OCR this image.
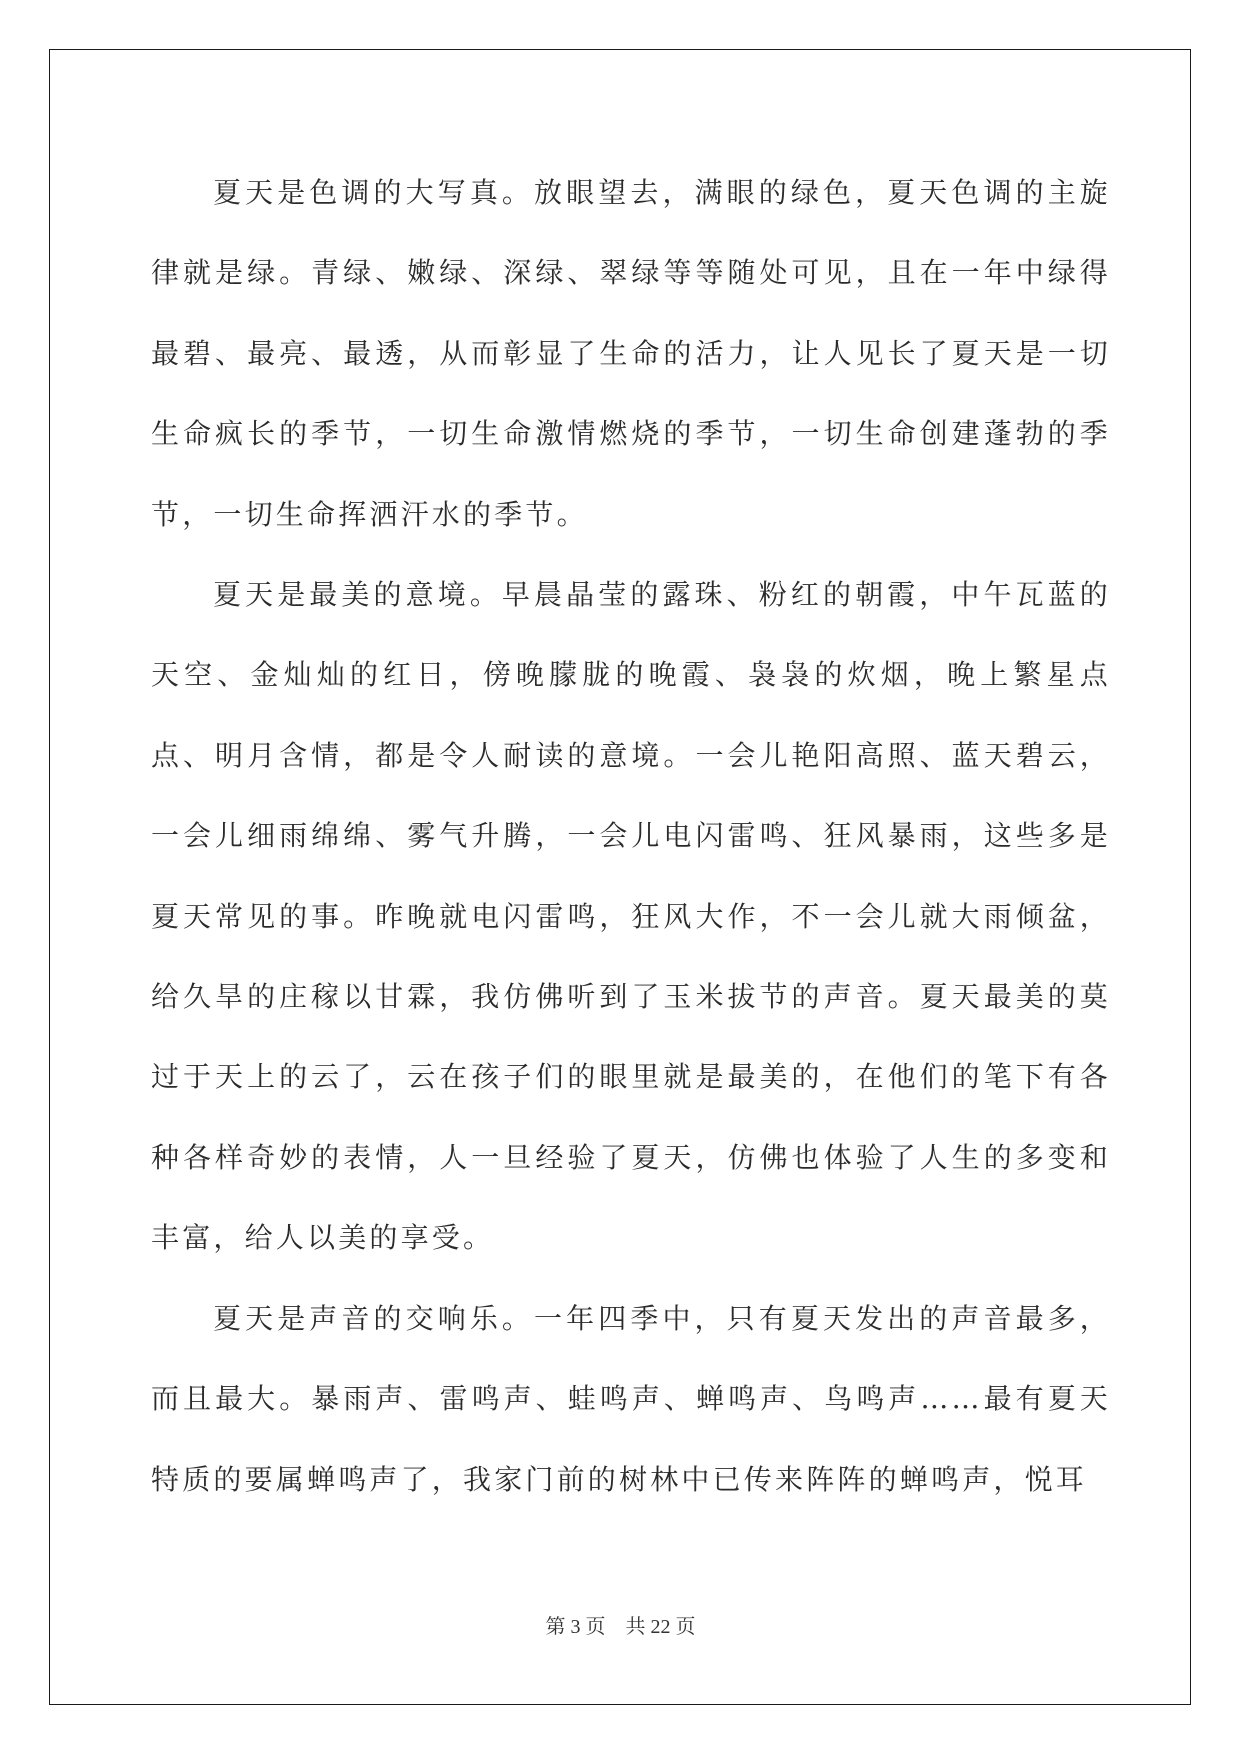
夏天是色调的大写真。放眼望去，满眼的绿色，夏天色调的主旋律就是绿。青绿、嫩绿、深绿、翠绿等等随处可见，且在一年中绿得最碧、最亮、最透，从而彰显了生命的活力，让人见长了夏天是一切生命疯长的季节，一切生命激情燃烧的季节，一切生命创建蓬勃的季节，一切生命挥洒汗水的季节。

夏天是最美的意境。早晨晶莹的露珠、粉红的朝霞，中午瓦蓝的天空、金灿灿的红日，傍晚朦胧的晚霞、袅袅的炊烟，晚上繁星点点、明月含情，都是令人耐读的意境。一会儿艳阳高照、蓝天碧云，一会儿细雨绵绵、雾气升腾，一会儿电闪雷鸣、狂风暴雨，这些多是夏天常见的事。昨晚就电闪雷鸣，狂风大作，不一会儿就大雨倾盆，给久旱的庄稼以甘霖，我仿佛听到了玉米拔节的声音。夏天最美的莫过于天上的云了，云在孩子们的眼里就是最美的，在他们的笔下有各种各样奇妙的表情，人一旦经验了夏天，仿佛也体验了人生的多变和丰富，给人以美的享受。

夏天是声音的交响乐。一年四季中，只有夏天发出的声音最多，而且最大。暴雨声、雷鸣声、蛙鸣声、蝉鸣声、鸟鸣声……最有夏天特质的要属蝉鸣声了，我家门前的树林中已传来阵阵的蝉鸣声，悦耳

第 3 页 共 22 页
